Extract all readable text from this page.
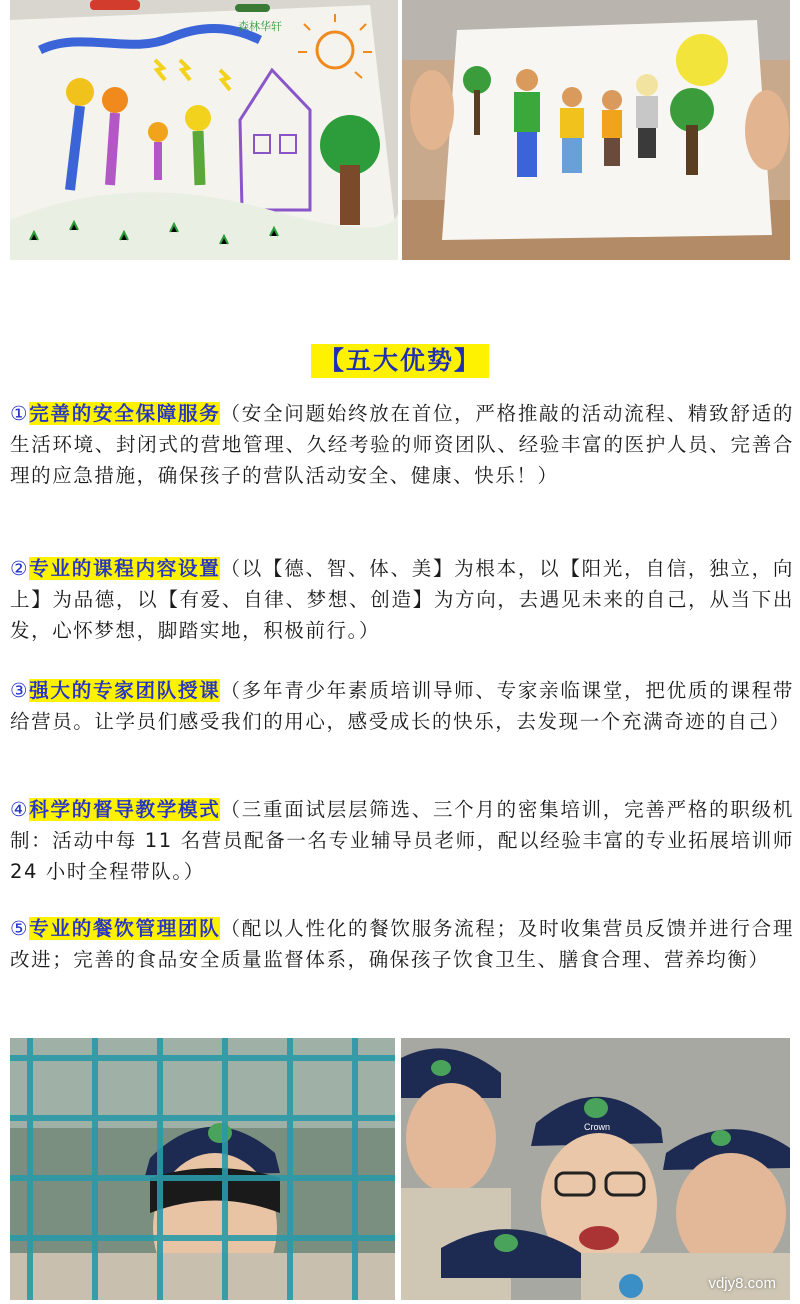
森林华轩
【五大优势】
①完善的安全保障服务（安全问题始终放在首位，严格推敲的活动流程、精致舒适的生活环境、封闭式的营地管理、久经考验的师资团队、经验丰富的医护人员、完善合理的应急措施，确保孩子的营队活动安全、健康、快乐！）
②专业的课程内容设置（以【德、智、体、美】为根本，以【阳光，自信，独立，向上】为品德，以【有爱、自律、梦想、创造】为方向，去遇见未来的自己，从当下出发，心怀梦想，脚踏实地，积极前行。）
③强大的专家团队授课（多年青少年素质培训导师、专家亲临课堂，把优质的课程带给营员。让学员们感受我们的用心，感受成长的快乐，去发现一个充满奇迹的自己）
④科学的督导教学模式（三重面试层层筛选、三个月的密集培训，完善严格的职级机制：活动中每 11 名营员配备一名专业辅导员老师，配以经验丰富的专业拓展培训师 24 小时全程带队。）
⑤专业的餐饮管理团队（配以人性化的餐饮服务流程；及时收集营员反馈并进行合理改进；完善的食品安全质量监督体系，确保孩子饮食卫生、膳食合理、营养均衡）
Crown
vdjy8.com
